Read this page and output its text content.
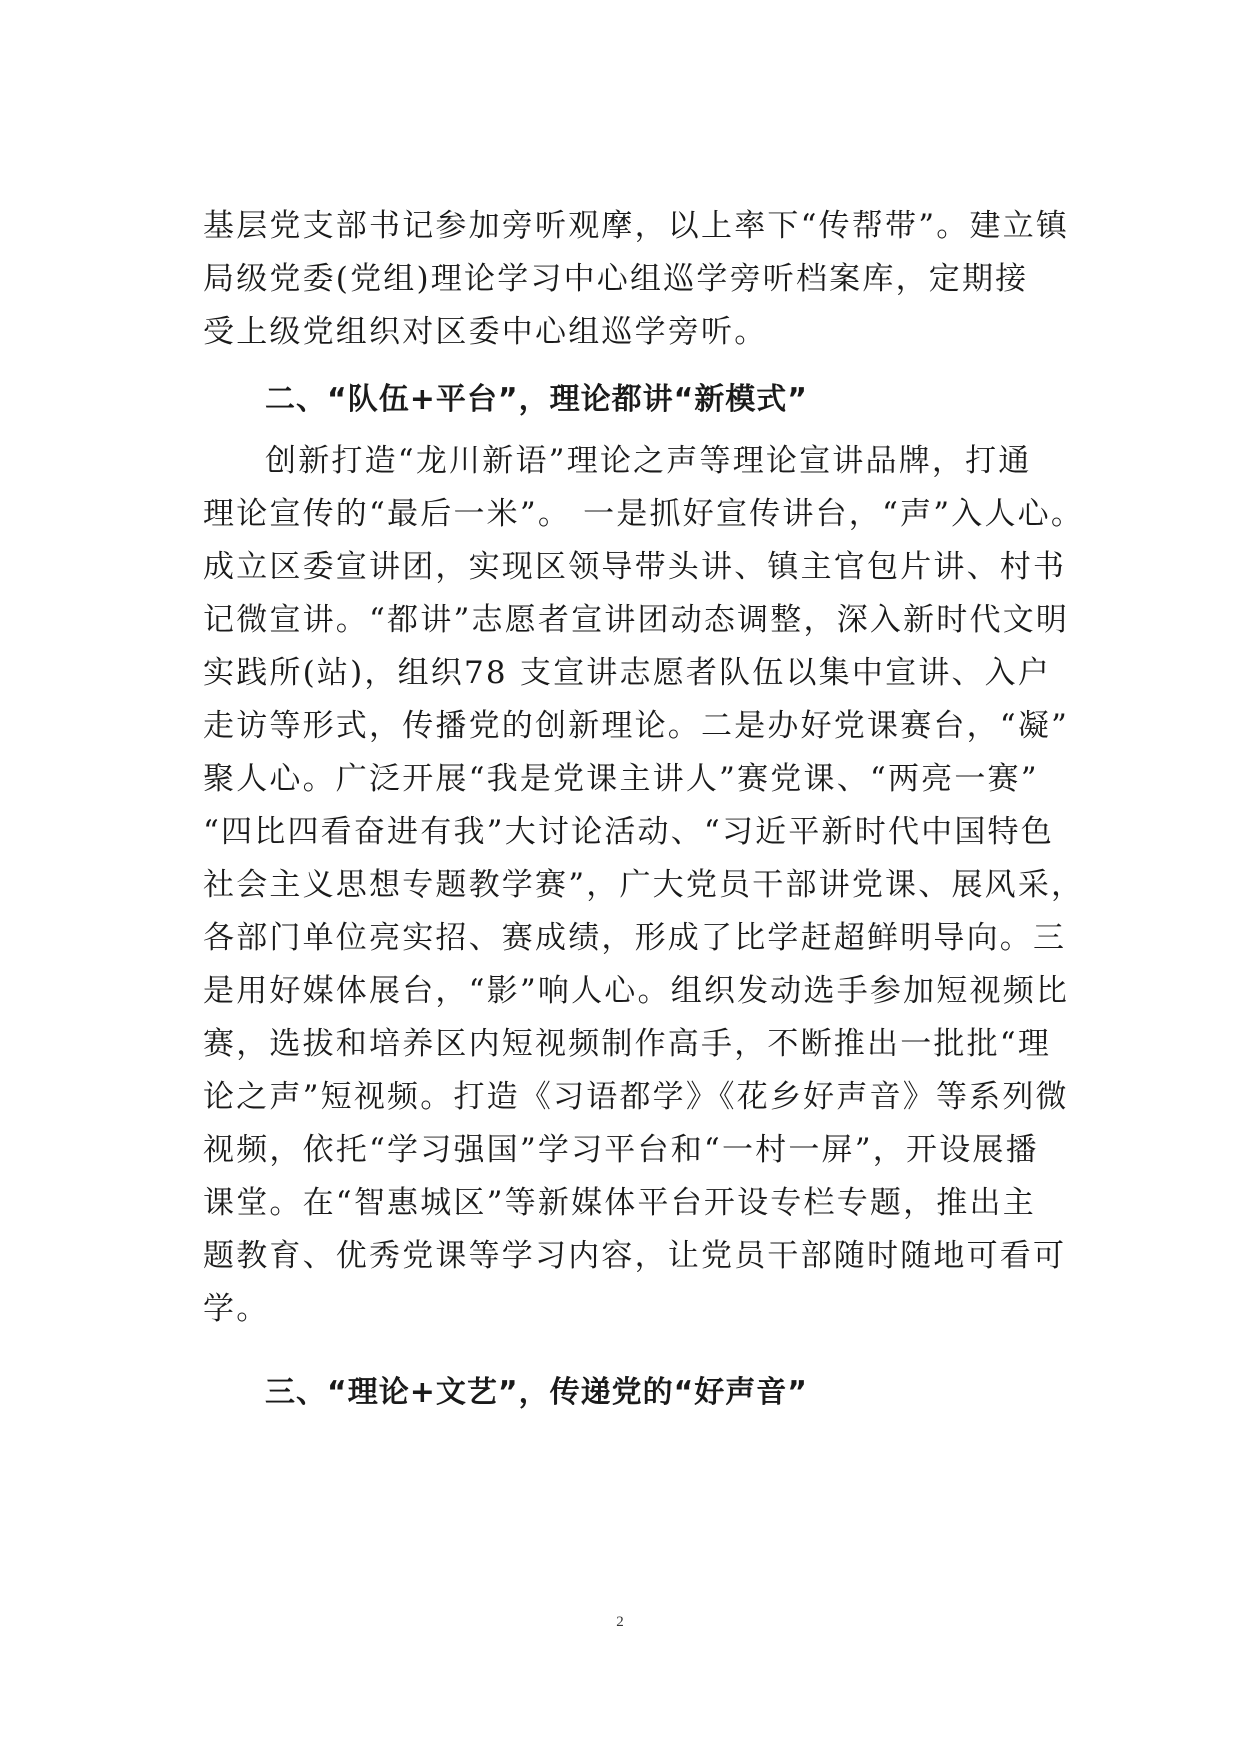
基层党支部书记参加旁听观摩，以上率下“传帮带”。建立镇
局级党委(党组)理论学习中心组巡学旁听档案库，定期接
受上级党组织对区委中心组巡学旁听。
二、“队伍+平台”，理论都讲“新模式”
创新打造“龙川新语”理论之声等理论宣讲品牌，打通
理论宣传的“最后一米”。 一是抓好宣传讲台，“声”入人心。
成立区委宣讲团，实现区领导带头讲、镇主官包片讲、村书
记微宣讲。“都讲”志愿者宣讲团动态调整，深入新时代文明
实践所(站)，组织78 支宣讲志愿者队伍以集中宣讲、入户
走访等形式，传播党的创新理论。二是办好党课赛台，“凝”
聚人心。广泛开展“我是党课主讲人”赛党课、“两亮一赛”
“四比四看奋进有我”大讨论活动、“习近平新时代中国特色
社会主义思想专题教学赛”，广大党员干部讲党课、展风采，
各部门单位亮实招、赛成绩，形成了比学赶超鲜明导向。三
是用好媒体展台，“影”响人心。组织发动选手参加短视频比
赛，选拔和培养区内短视频制作高手，不断推出一批批“理
论之声”短视频。打造《习语都学》《花乡好声音》等系列微
视频，依托“学习强国”学习平台和“一村一屏”，开设展播
课堂。在“智惠城区”等新媒体平台开设专栏专题，推出主
题教育、优秀党课等学习内容，让党员干部随时随地可看可
学。
三、“理论+文艺”，传递党的“好声音”
2
